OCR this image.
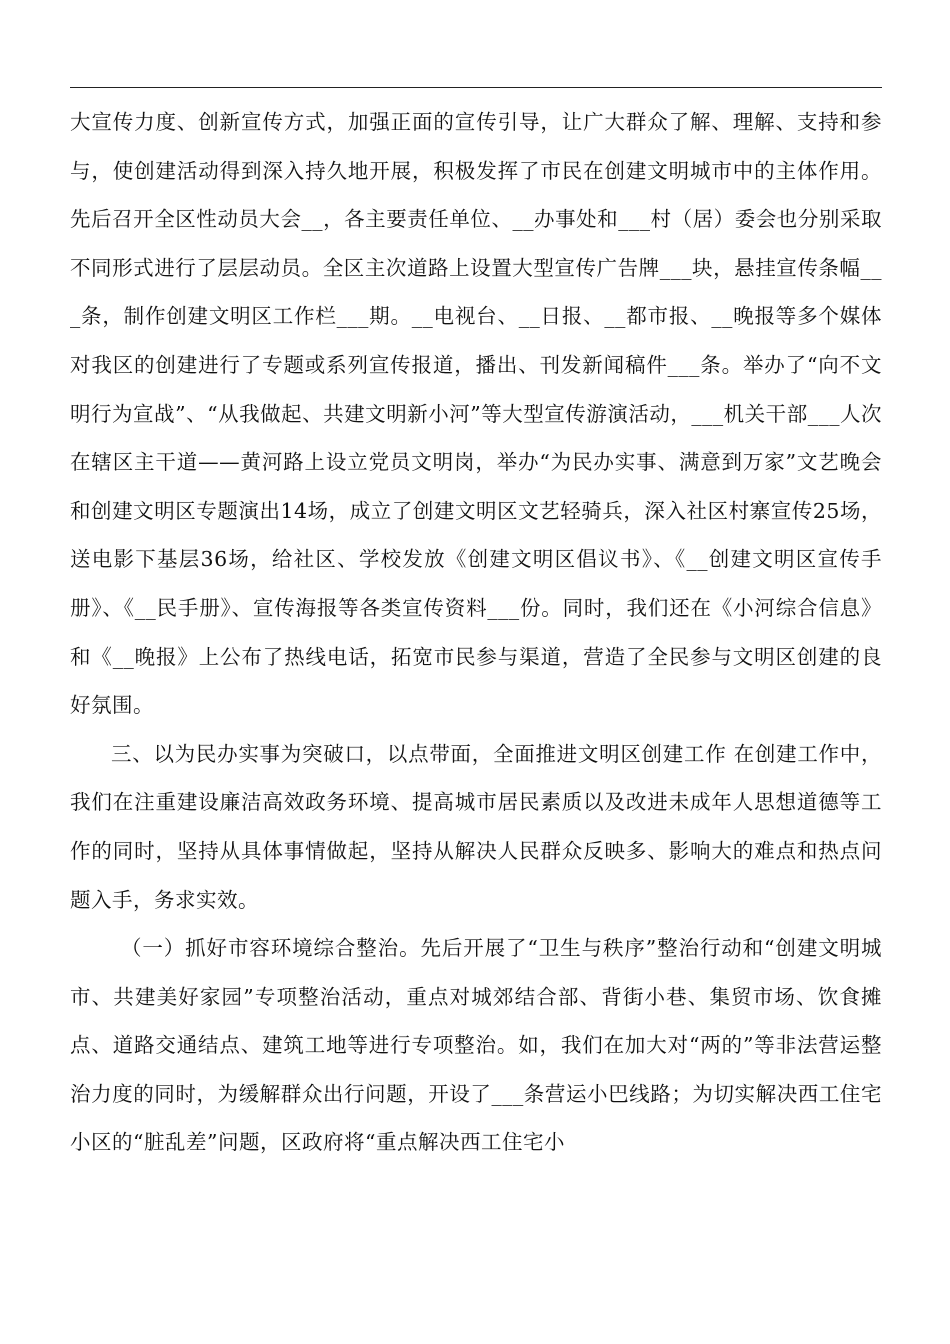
大宣传力度、创新宣传方式，加强正面的宣传引导，让广大群众了解、理解、支持和参与，使创建活动得到深入持久地开展，积极发挥了市民在创建文明城市中的主体作用。先后召开全区性动员大会__，各主要责任单位、__办事处和___村（居）委会也分别采取不同形式进行了层层动员。全区主次道路上设置大型宣传广告牌___块，悬挂宣传条幅___条，制作创建文明区工作栏___期。__电视台、__日报、__都市报、__晚报等多个媒体对我区的创建进行了专题或系列宣传报道，播出、刊发新闻稿件___条。举办了“向不文明行为宣战”、“从我做起、共建文明新小河”等大型宣传游演活动，___机关干部___人次在辖区主干道——黄河路上设立党员文明岗，举办“为民办实事、满意到万家”文艺晚会和创建文明区专题演出14场，成立了创建文明区文艺轻骑兵，深入社区村寨宣传25场，送电影下基层36场，给社区、学校发放《创建文明区倡议书》、《__创建文明区宣传手册》、《__民手册》、宣传海报等各类宣传资料___份。同时，我们还在《小河综合信息》和《__晚报》上公布了热线电话，拓宽市民参与渠道，营造了全民参与文明区创建的良好氛围。

三、以为民办实事为突破口，以点带面，全面推进文明区创建工作 在创建工作中，我们在注重建设廉洁高效政务环境、提高城市居民素质以及改进未成年人思想道德等工作的同时，坚持从具体事情做起，坚持从解决人民群众反映多、影响大的难点和热点问题入手，务求实效。

（一）抓好市容环境综合整治。先后开展了“卫生与秩序”整治行动和“创建文明城市、共建美好家园”专项整治活动，重点对城郊结合部、背街小巷、集贸市场、饮食摊点、道路交通结点、建筑工地等进行专项整治。如，我们在加大对“两的”等非法营运整治力度的同时，为缓解群众出行问题，开设了___条营运小巴线路；为切实解决西工住宅小区的“脏乱差”问题，区政府将“重点解决西工住宅小
